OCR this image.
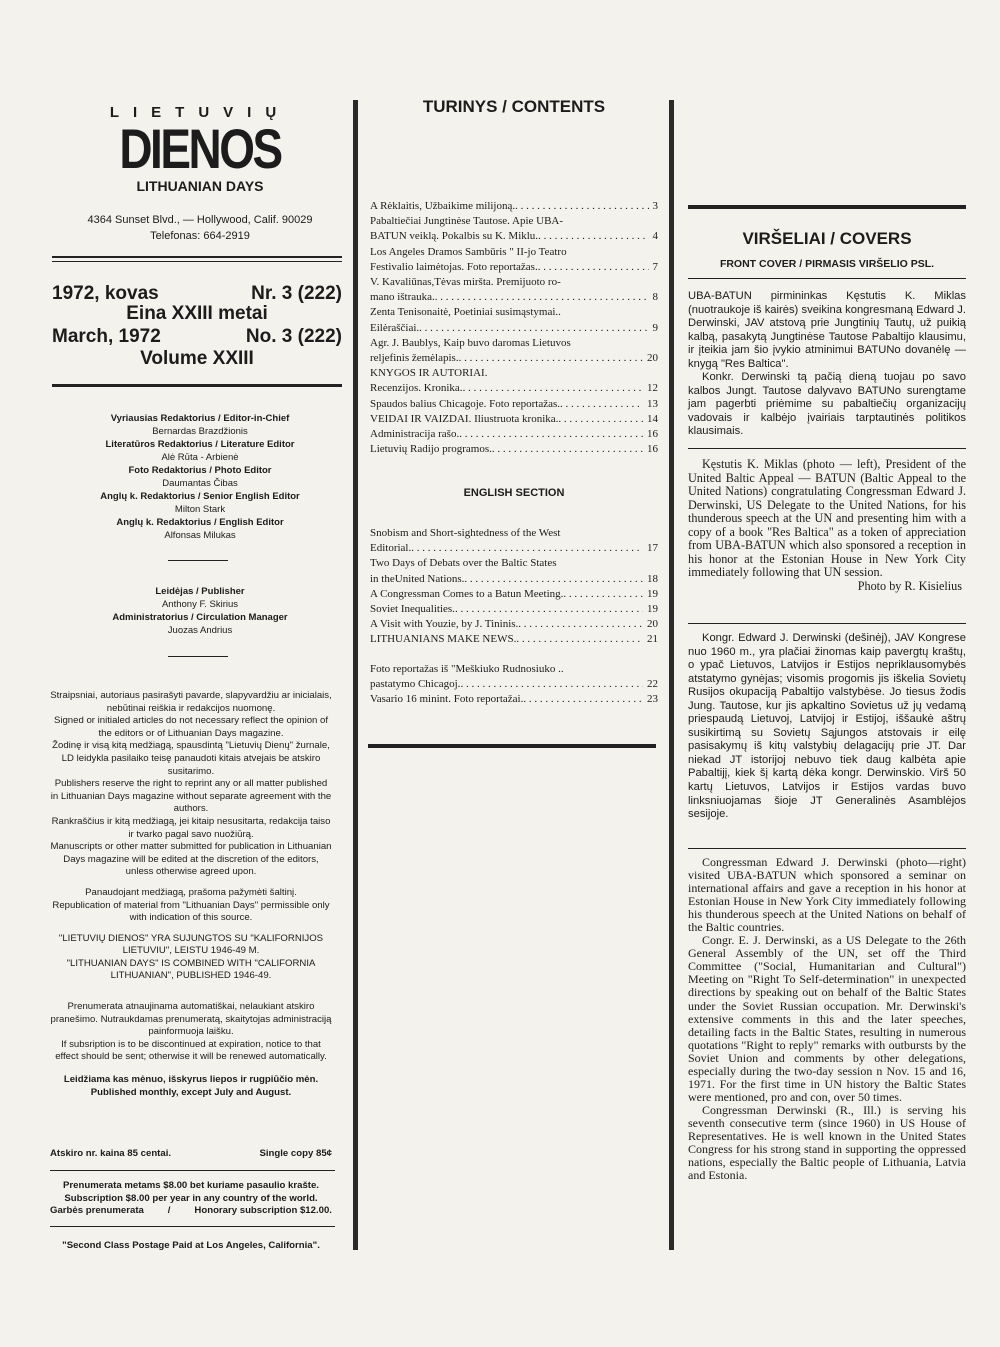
LIETUVIŲ
DIENOS
LITHUANIAN DAYS
4364 Sunset Blvd., — Hollywood, Calif. 90029
Telefonas: 664-2919
1972, kovas	Nr. 3 (222)
Eina XXIII metai
March, 1972	No. 3 (222)
Volume XXIII
Vyriausias Redaktorius / Editor-in-Chief
Bernardas Brazdžionis
Literatūros Redaktorius / Literature Editor
Alė Rūta - Arbienė
Foto Redaktorius / Photo Editor
Daumantas Čibas
Anglų k. Redaktorius / Senior English Editor
Milton Stark
Anglų k. Redaktorius / English Editor
Alfonsas Milukas
Leidėjas / Publisher
Anthony F. Skirius
Administratorius / Circulation Manager
Juozas Andrius
Straipsniai, autoriaus pasirašyti pavarde, slapyvardžiu ar inicialais, nebūtinai reiškia ir redakcijos nuomonę.
Signed or initialed articles do not necessary reflect the opinion of the editors or of Lithuanian Days magazine.
Žodinę ir visą kitą medžiagą, spausdintą "Lietuvių Dienų" žurnale, LD leidykla pasilaiko teisę panaudoti kitais atvejais be atskiro susitarimo.
Publishers reserve the right to reprint any or all matter published in Lithuanian Days magazine without separate agreement with the authors.
Rankraščius ir kitą medžiagą, jei kitaip nesusitarta, redakcija taiso ir tvarko pagal savo nuožiūrą.
Manuscripts or other matter submitted for publication in Lithuanian Days magazine will be edited at the discretion of the editors, unless otherwise agreed upon.
Panaudojant medžiagą, prašoma pažymėti šaltinį.
Republication of material from "Lithuanian Days" permissible only with indication of this source.
"LIETUVIŲ DIENOS" YRA SUJUNGTOS SU "KALIFORNIJOS LIETUVIU", LEISTU 1946-49 M.
"LITHUANIAN DAYS" IS COMBINED WITH "CALIFORNIA LITHUANIAN", PUBLISHED 1946-49.
Prenumerata atnaujinama automatiškai, nelaukiant atskiro pranešimo. Nutraukdamas prenumeratą, skaitytojas administraciją painformuoja laišku.
If subsription is to be discontinued at expiration, notice to that effect should be sent; otherwise it will be renewed automatically.
Leidžiama kas mėnuo, išskyrus liepos ir rugpiūčio mėn. Published monthly, except July and August.
Atskiro nr. kaina 85 centai.	Single copy 85¢
Prenumerata metams $8.00 bet kuriame pasaulio krašte.
Subscription $8.00 per year in any country of the world.
Garbės prenumerata / Honorary subscription $12.00.
"Second Class Postage Paid at Los Angeles, California".
TURINYS / CONTENTS
A Rėklaitis, Užbaikime milijoną. . . .	3
Pabaltiečiai Jungtinėse Tautose. Apie UBA-
BATUN veiklą. Pokalbis su K. Miklu. . . .	4
Los Angeles Dramos Sambūris " II-jo Teatro
Festivalio laimėtojas. Foto reportažas. . . .	7
V. Kavaliūnas,Tėvas miršta. Premijuoto ro-
mano ištrauka. . . .	8
Zenta Tenisonaitė, Poetiniai susimąstymai..
Eilėraščiai. . . .	9
Agr. J. Baublys, Kaip buvo daromas Lietuvos
reljefinis žemėlapis. . . .	20
KNYGOS IR AUTORIAI.
Recenzijos. Kronika. . . .	12
Spaudos balius Chicagoje. Foto reportažas. . . .	13
VEIDAI IR VAIZDAI. Iliustruota kronika. . . .	14
Administracija rašo. . . .	16
Lietuvių Radijo programos. . . .	16
ENGLISH SECTION
Snobism and Short-sightedness of the West
Editorial. . . .	17
Two Days of Debats over the Baltic States
in theUnited Nations. . . .	18
A Congressman Comes to a Batun Meeting. . . .	19
Soviet Inequalities. . . .	19
A Visit with Youzie, by J. Tininis. . . .	20
LITHUANIANS MAKE NEWS. . . .	21
Foto reportažas iš "Meškiuko Rudnosiuko ..
pastatymo Chicagoj. . . .	22
Vasario 16 minint. Foto reportažai. . . .	23
VIRŠELIAI / COVERS
FRONT COVER / PIRMASIS VIRŠELIO PSL.
UBA-BATUN pirmininkas Kęstutis K. Miklas (nuotraukoje iš kairės) sveikina kongresmaną Edward J. Derwinski, JAV atstovą prie Jungtinių Tautų, už puikią kalbą, pasakytą Jungtinėse Tautose Pabaltijo klausimu, ir įteikia jam šio įvykio atminimui BATUNo dovanėlę — knygą "Res Baltica".
Konkr. Derwinski tą pačią dieną tuojau po savo kalbos Jungt. Tautose dalyvavo BATUNo surengtame jam pagerbti priėmime su pabaltiečių organizacijų vadovais ir kalbėjo įvairiais tarptautinės politikos klausimais.
Kęstutis K. Miklas (photo — left), President of the United Baltic Appeal — BATUN (Baltic Appeal to the United Nations) congratulating Congressman Edward J. Derwinski, US Delegate to the United Nations, for his thunderous speech at the UN and presenting him with a copy of a book "Res Baltica" as a token of appreciation from UBA-BATUN which also sponsored a reception in his honor at the Estonian House in New York City immediately following that UN session.
Photo by R. Kisielius
Kongr. Edward J. Derwinski (dešinėj), JAV Kongrese nuo 1960 m., yra plačiai žinomas kaip pavergtų kraštų, o ypač Lietuvos, Latvijos ir Estijos nepriklausomybės atstatymo gynėjas; visomis progomis jis iškelia Sovietų Rusijos okupaciją Pabaltijo valstybėse. Jo tiesus žodis Jung. Tautose, kur jis apkaltino Sovietus už jų vedamą priespaudą Lietuvoj, Latvijoj ir Estijoj, iššaukė aštrų susikirtimą su Sovietų Sąjungos atstovais ir eilę pasisakymų iš kitų valstybių delagacijų prie JT. Dar niekad JT istorijoj nebuvo tiek daug kalbėta apie Pabaltijį, kiek šį kartą dėka kongr. Derwinskio. Virš 50 kartų Lietuvos, Latvijos ir Estijos vardas buvo linksniuojamas šioje JT Generalinės Asamblėjos sesijoje.
Congressman Edward J. Derwinski (photo—right) visited UBA-BATUN which sponsored a seminar on international affairs and gave a reception in his honor at Estonian House in New York City immediately following his thunderous speech at the United Nations on behalf of the Baltic countries.
Congr. E. J. Derwinski, as a US Delegate to the 26th General Assembly of the UN, set off the Third Committee ("Social, Humanitarian and Cultural") Meeting on "Right To Self-determination" in unexpected directions by speaking out on behalf of the Baltic States under the Soviet Russian occupation. Mr. Derwinski's extensive comments in this and the later speeches, detailing facts in the Baltic States, resulting in numerous quotations "Right to reply" remarks with outbursts by the Soviet Union and comments by other delegations, especially during the two-day session n Nov. 15 and 16, 1971. For the first time in UN history the Baltic States were mentioned, pro and con, over 50 times.
Congressman Derwinski (R., Ill.) is serving his seventh consecutive term (since 1960) in US House of Representatives. He is well known in the United States Congress for his strong stand in supporting the oppressed nations, especially the Baltic people of Lithuania, Latvia and Estonia.
